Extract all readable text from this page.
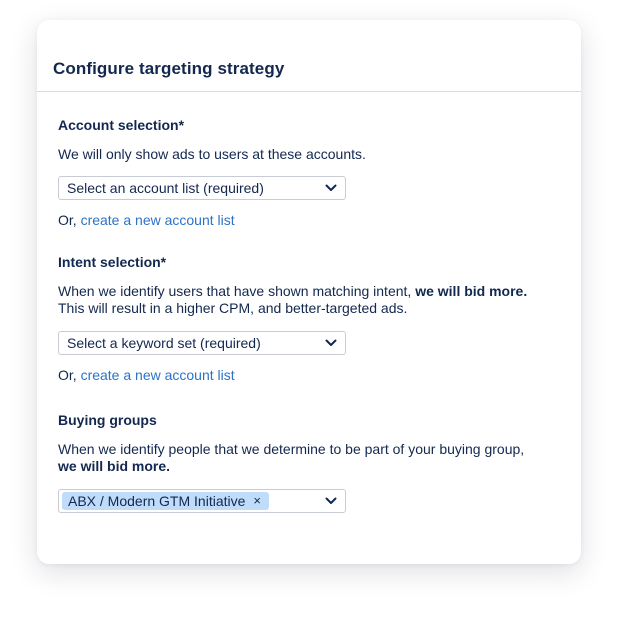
Configure targeting strategy
Account selection*

We will only show ads to users at these accounts.

Select an account list (required)

Or, create a new account list

Intent selection*

When we identify users that have shown matching intent, we will bid more.
This will result in a higher CPM, and better-targeted ads.

Select a keyword set (required)

Or, create a new account list

Buying groups

When we identify people that we determine to be part of your buying group,
we will bid more.

ABX / Modern GTM Initiative ×
